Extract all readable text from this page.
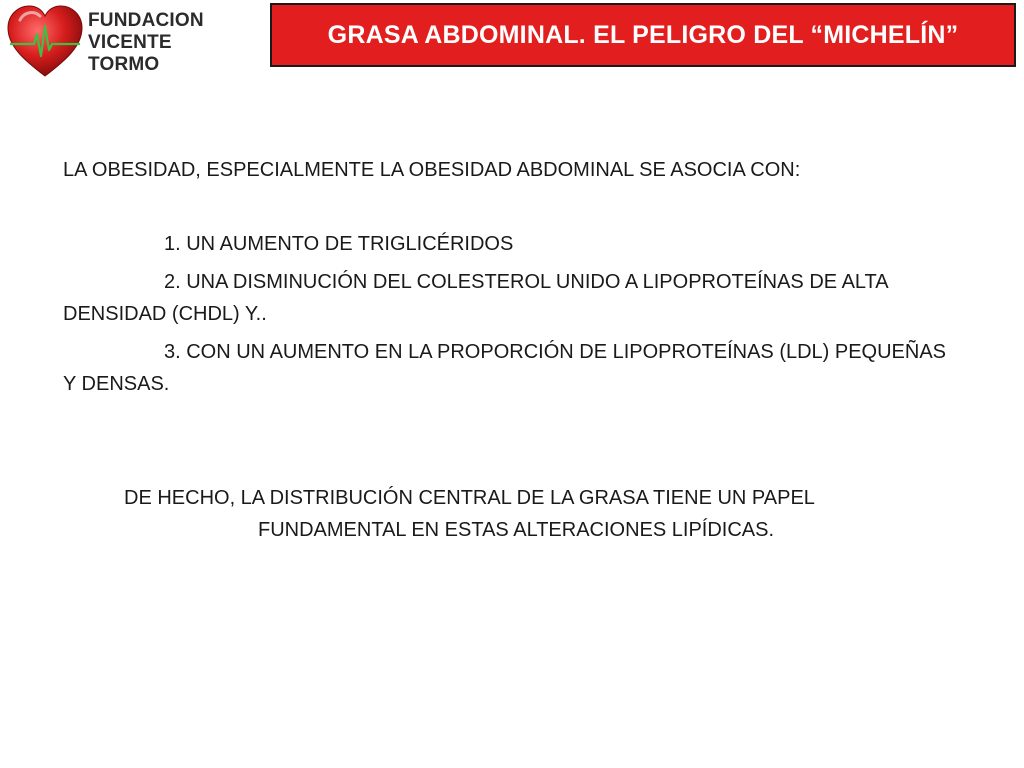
FUNDACION
VICENTE TORMO
GRASA ABDOMINAL. EL PELIGRO DEL “MICHELÍN”
LA OBESIDAD, ESPECIALMENTE LA OBESIDAD ABDOMINAL SE ASOCIA CON:
1. UN AUMENTO DE TRIGLICÉRIDOS
2. UNA DISMINUCIÓN DEL COLESTEROL UNIDO A LIPOPROTEÍNAS DE ALTA DENSIDAD (CHDL) Y..
3. CON UN AUMENTO EN LA PROPORCIÓN DE LIPOPROTEÍNAS (LDL) PEQUEÑAS Y DENSAS.
DE HECHO, LA DISTRIBUCIÓN CENTRAL DE LA GRASA TIENE UN PAPEL
FUNDAMENTAL EN ESTAS ALTERACIONES LIPÍDICAS.
